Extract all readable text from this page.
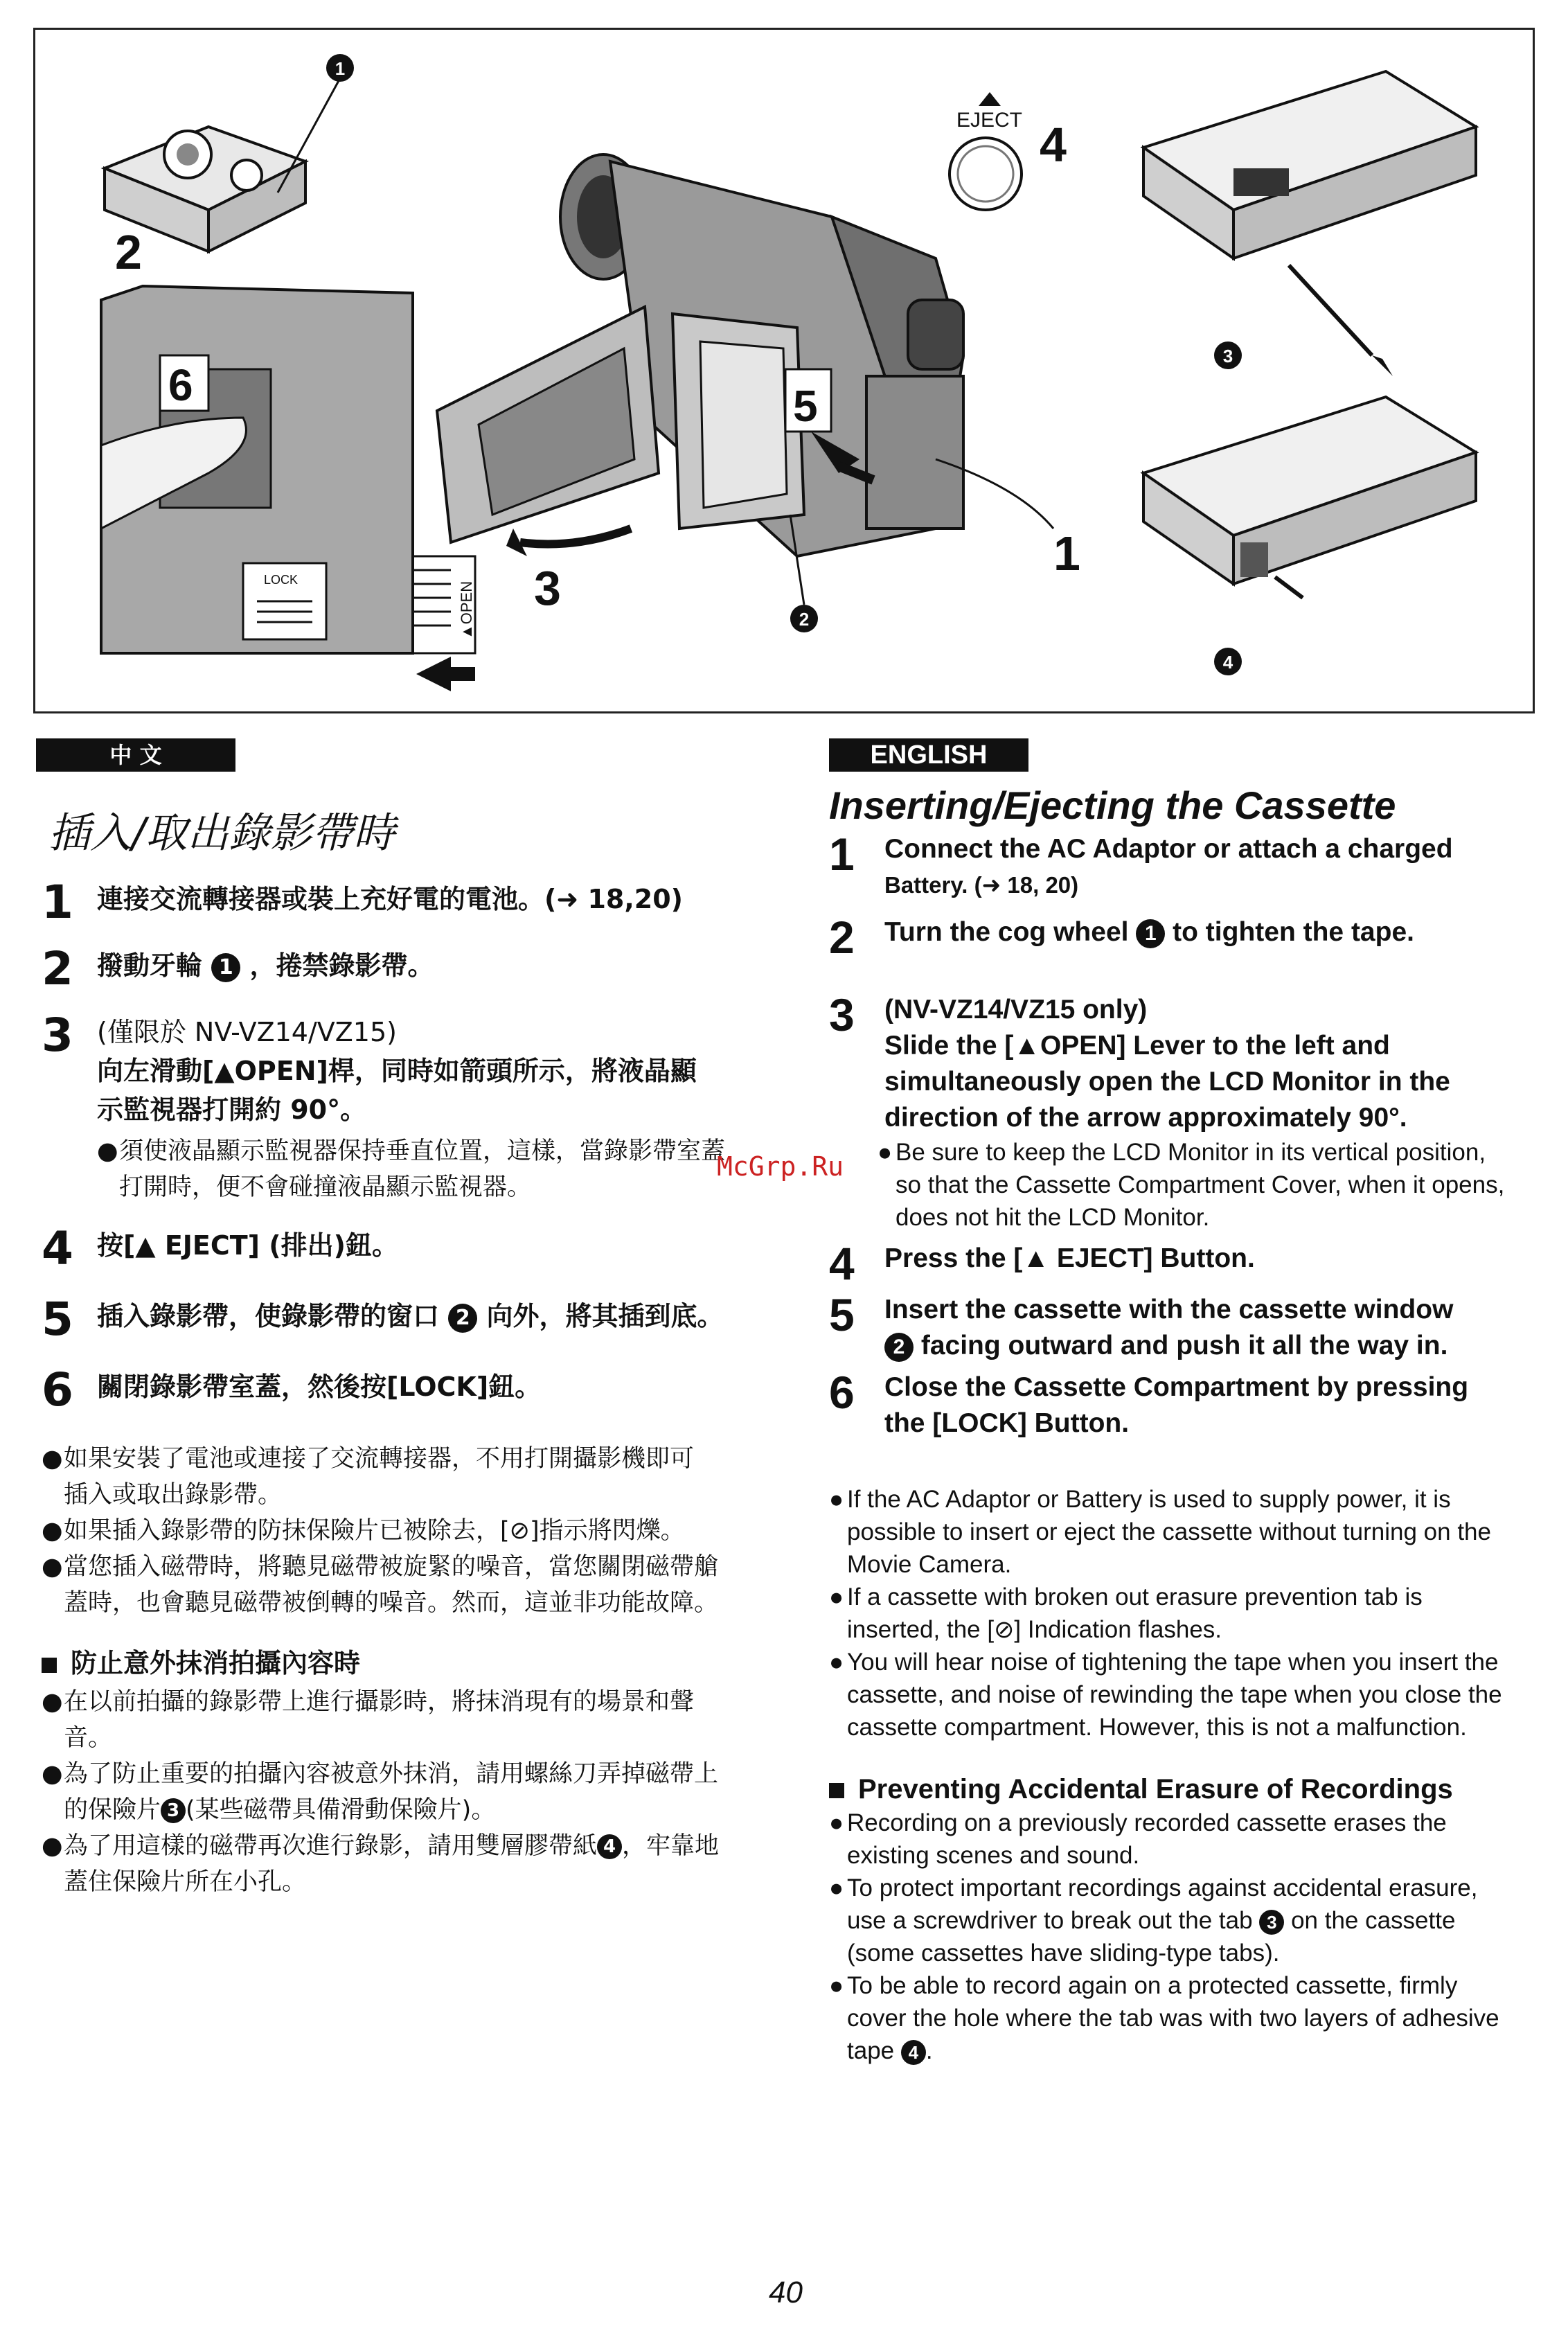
1
2
EJECT 4
3
▲OPEN
LOCK
6	5
2
1
3
4
中 文
插入/取出錄影帶時
1 連接交流轉接器或裝上充好電的電池。(➜ 18,20)
2 撥動牙輪 1 ，捲禁錄影帶。
3 (僅限於 NV-VZ14/VZ15)
向左滑動[▲OPEN]桿，同時如箭頭所示，將液晶顯
示監視器打開約 90°。
● 須使液晶顯示監視器保持垂直位置，這樣，當錄影帶室蓋
打開時，便不會碰撞液晶顯示監視器。
4 按[▲ EJECT] (排出)鈕。
5 插入錄影帶，使錄影帶的窗口 2 向外，將其插到底。
6 關閉錄影帶室蓋，然後按[LOCK]鈕。
● 如果安裝了電池或連接了交流轉接器，不用打開攝影機即可
插入或取出錄影帶。
● 如果插入錄影帶的防抹保險片已被除去，[⊘]指示將閃爍。
● 當您插入磁帶時，將聽見磁帶被旋緊的噪音，當您關閉磁帶艙
蓋時，也會聽見磁帶被倒轉的噪音。然而，這並非功能故障。
防止意外抹消拍攝內容時
● 在以前拍攝的錄影帶上進行攝影時，將抹消現有的場景和聲
音。
● 為了防止重要的拍攝內容被意外抹消，請用螺絲刀弄掉磁帶上
的保險片 3 (某些磁帶具備滑動保險片)。
● 為了用這樣的磁帶再次進行錄影，請用雙層膠帶紙 4 ，牢靠地
蓋住保險片所在小孔。
McGrp.Ru
ENGLISH
Inserting/Ejecting the Cassette
1	Connect the AC Adaptor or attach a charged
Battery. (➜ 18, 20)
2	Turn the cog wheel 1 to tighten the tape.
3	(NV-VZ14/VZ15 only)
Slide the [▲OPEN] Lever to the left and
simultaneously open the LCD Monitor in the
direction of the arrow approximately 90°.
● Be sure to keep the LCD Monitor in its vertical position,
so that the Cassette Compartment Cover, when it opens,
does not hit the LCD Monitor.
4	Press the [▲ EJECT] Button.
5	Insert the cassette with the cassette window
2 facing outward and push it all the way in.
6	Close the Cassette Compartment by pressing
the [LOCK] Button.
● If the AC Adaptor or Battery is used to supply power, it is
possible to insert or eject the cassette without turning on the
Movie Camera.
● If a cassette with broken out erasure prevention tab is
inserted, the [⊘] Indication flashes.
● You will hear noise of tightening the tape when you insert the
cassette, and noise of rewinding the tape when you close the
cassette compartment. However, this is not a malfunction.
Preventing Accidental Erasure of Recordings
● Recording on a previously recorded cassette erases the
existing scenes and sound.
● To protect important recordings against accidental erasure,
use a screwdriver to break out the tab 3 on the cassette
(some cassettes have sliding-type tabs).
● To be able to record again on a protected cassette, firmly
cover the hole where the tab was with two layers of adhesive
tape 4 .
40
